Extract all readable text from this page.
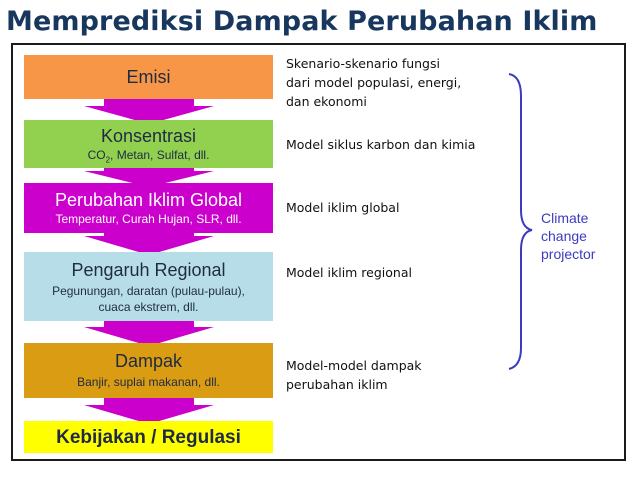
Memprediksi Dampak Perubahan Iklim
Emisi
Konsentrasi
$CO_2$, Metan, Sulfat, dll.
Perubahan Iklim Global
Temperatur, Curah Hujan, SLR, dll.
Pengaruh Regional
Pegunungan, daratan (pulau-pulau),
cuaca ekstrem, dll.
Dampak
Banjir, suplai makanan, dll.
Kebijakan / Regulasi
Skenario-skenario fungsi
dari model populasi, energi,
dan ekonomi
Model siklus karbon dan kimia
Model iklim global
Model iklim regional
Model-model dampak
perubahan iklim
Climate
change
projector
